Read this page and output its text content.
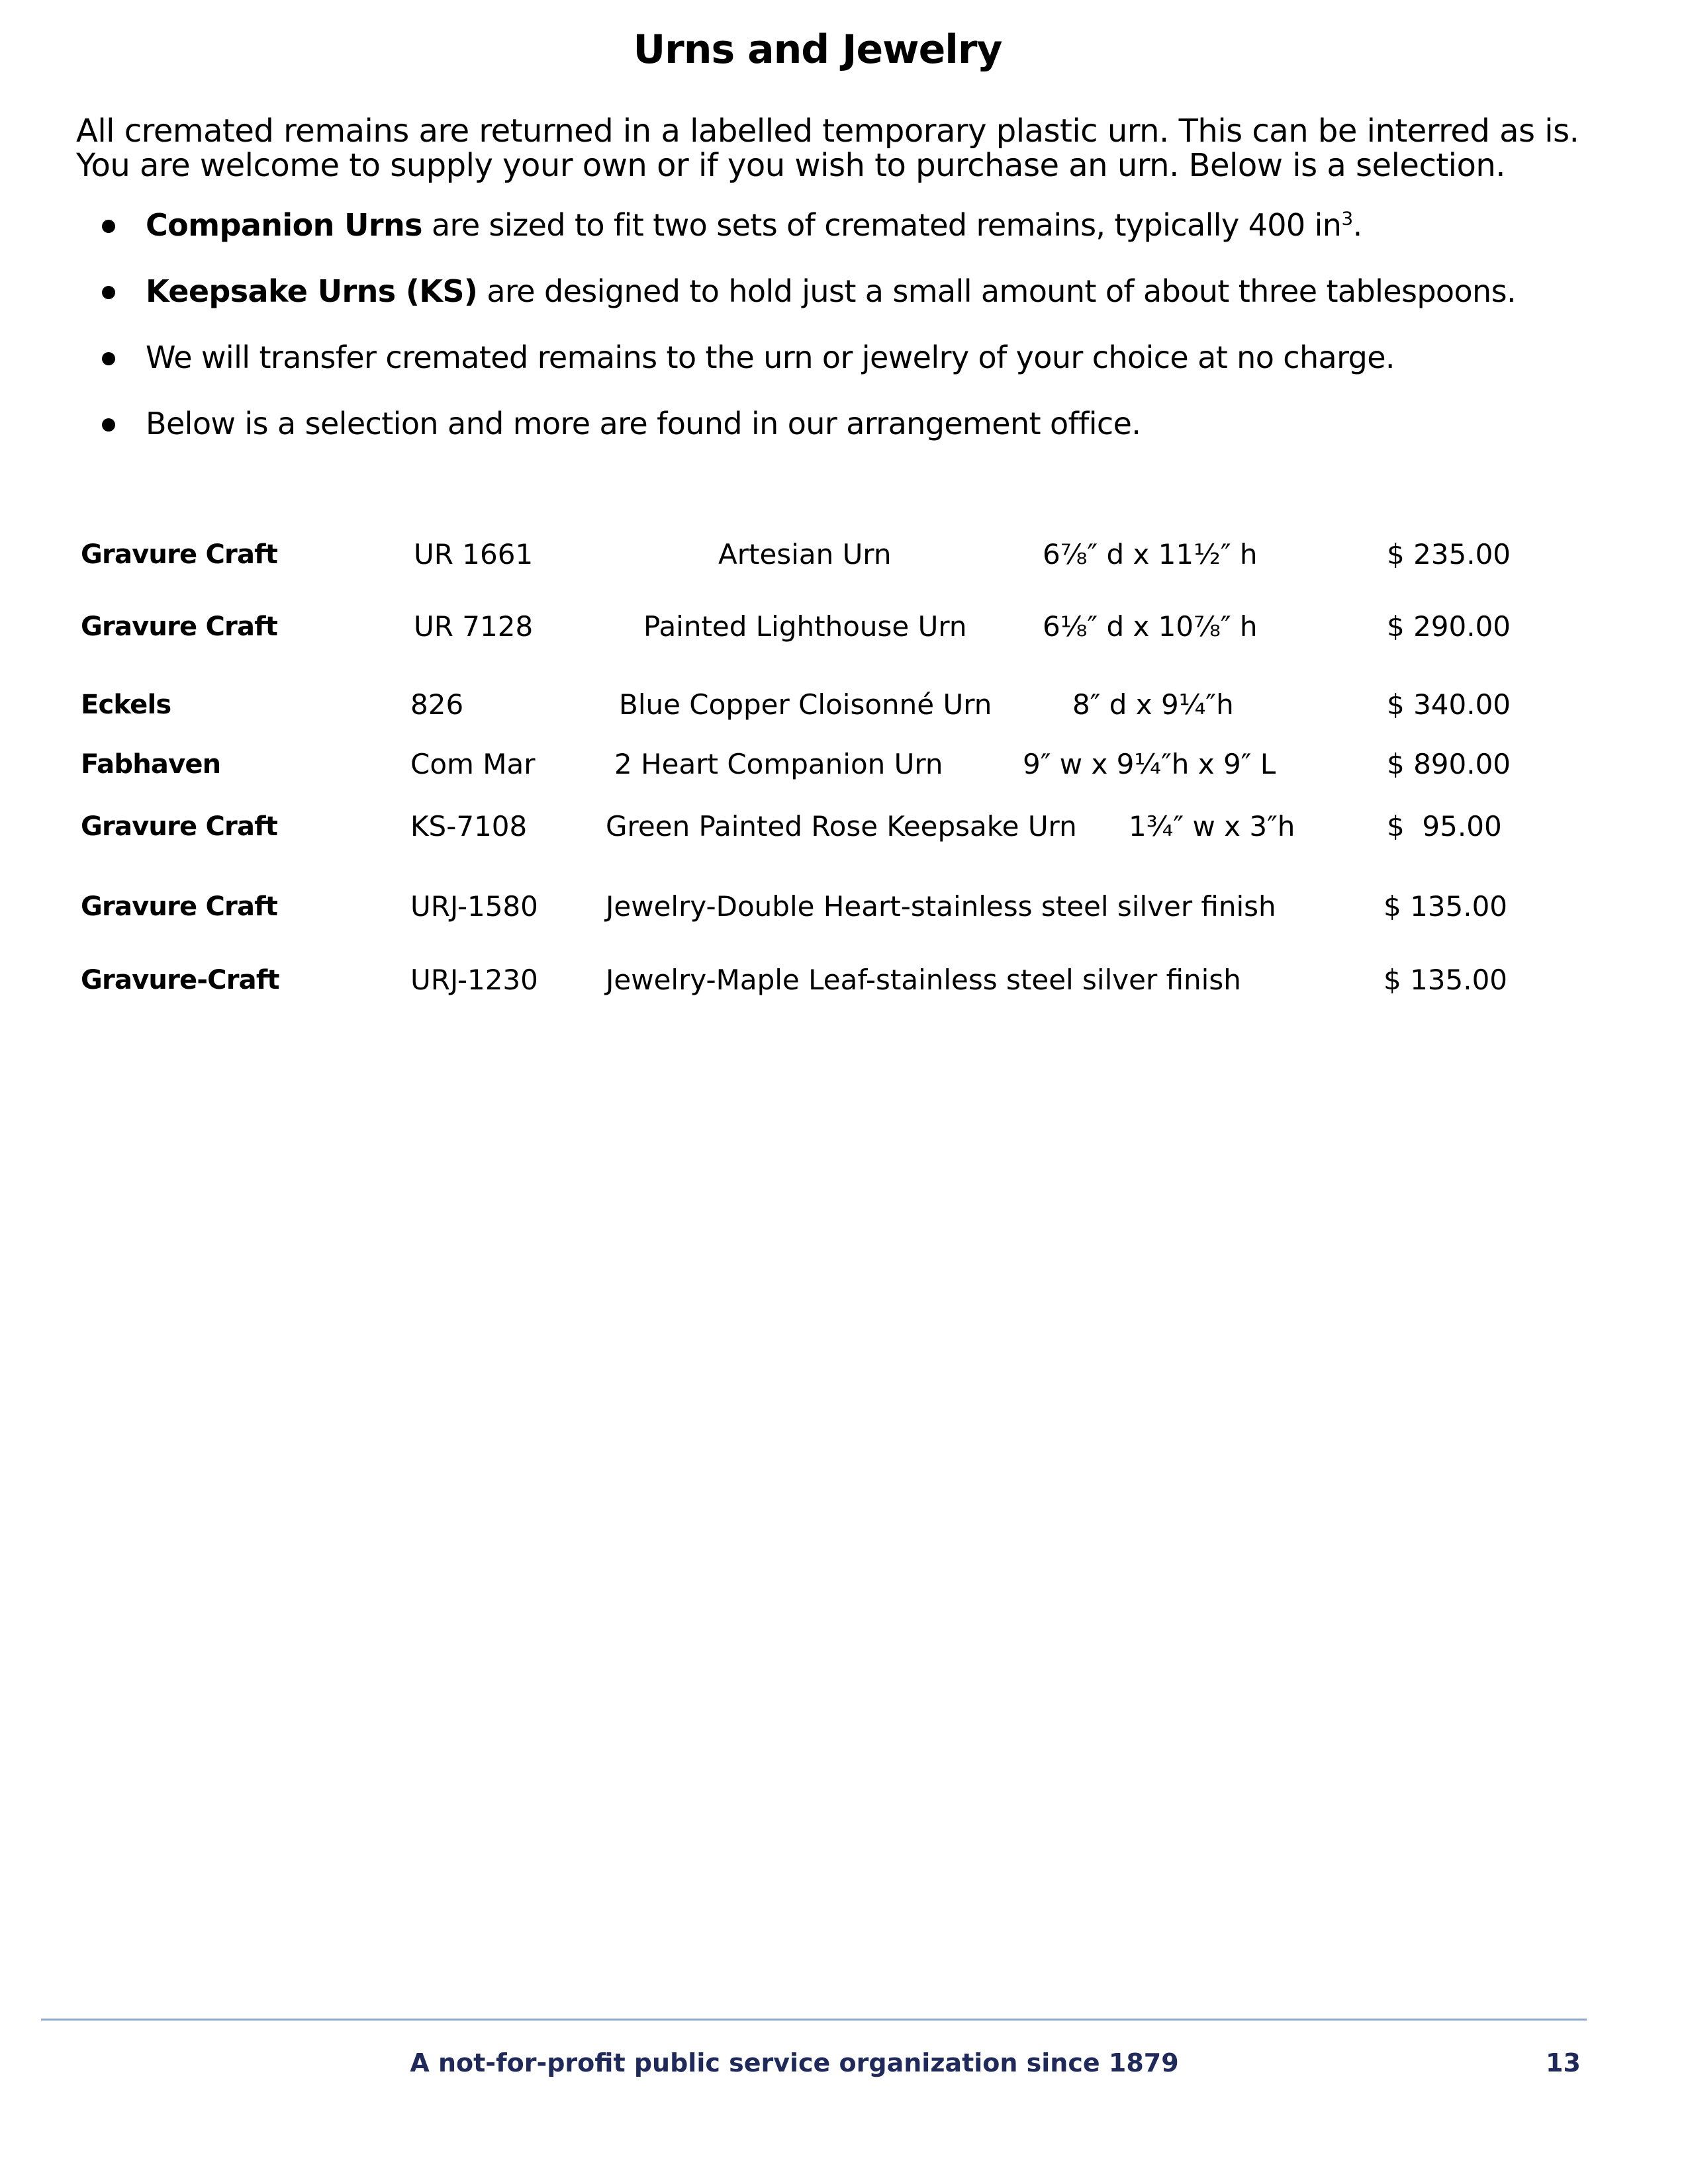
Urns and Jewelry
All cremated remains are returned in a labelled temporary plastic urn. This can be interred as is. You are welcome to supply your own or if you wish to purchase an urn. Below is a selection.
Companion Urns are sized to fit two sets of cremated remains, typically 400 $in^3$.
Keepsake Urns (KS) are designed to hold just a small amount of about three tablespoons.
We will transfer cremated remains to the urn or jewelry of your choice at no charge.
Below is a selection and more are found in our arrangement office.
Gravure Craft	UR 1661	Artesian Urn	6⅞″ d x 11½″ h	$ 235.00
Gravure Craft	UR 7128	Painted Lighthouse Urn	6⅛″ d x 10⅞″ h	$ 290.00
Eckels	826	Blue Copper Cloisonné Urn	8″ d x 9¼″h	$ 340.00
Fabhaven	Com Mar	2 Heart Companion Urn	9″ w x 9¼″h x 9″ L	$ 890.00
Gravure Craft	KS-7108	Green Painted Rose Keepsake Urn 1¾″ w x 3″h	$  95.00
Gravure Craft	URJ-1580 Jewelry-Double Heart-stainless steel silver finish	$ 135.00
Gravure-Craft	URJ-1230 Jewelry-Maple Leaf-stainless steel silver finish	$ 135.00
A not-for-profit public service organization since 1879	13
